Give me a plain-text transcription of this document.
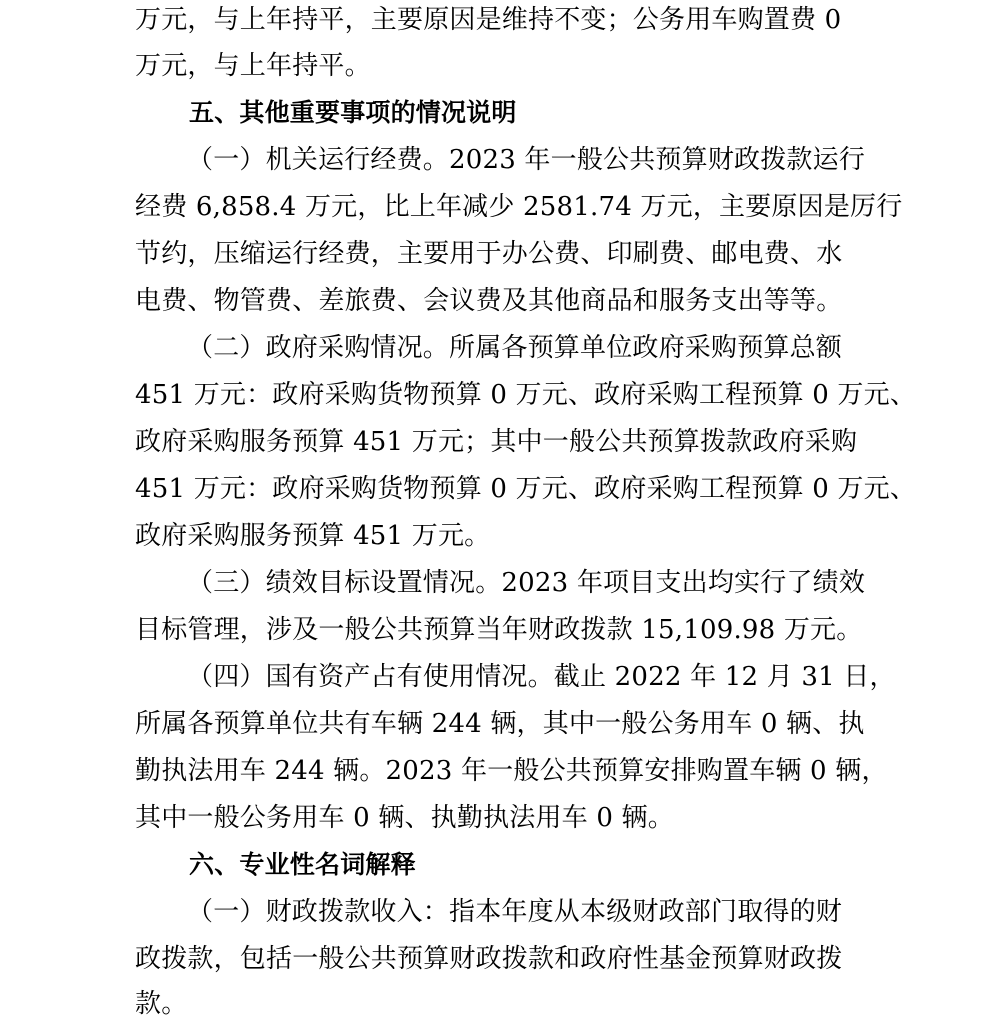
万元，与上年持平，主要原因是维持不变；公务用车购置费 0
万元，与上年持平。
五、其他重要事项的情况说明
（一）机关运行经费。2023 年一般公共预算财政拨款运行
经费 6,858.4 万元，比上年减少 2581.74 万元，主要原因是厉行
节约，压缩运行经费，主要用于办公费、印刷费、邮电费、水
电费、物管费、差旅费、会议费及其他商品和服务支出等等。
（二）政府采购情况。所属各预算单位政府采购预算总额
451 万元：政府采购货物预算 0 万元、政府采购工程预算 0 万元、
政府采购服务预算 451 万元；其中一般公共预算拨款政府采购
451 万元：政府采购货物预算 0 万元、政府采购工程预算 0 万元、
政府采购服务预算 451 万元。
（三）绩效目标设置情况。2023 年项目支出均实行了绩效
目标管理，涉及一般公共预算当年财政拨款 15,109.98 万元。
（四）国有资产占有使用情况。截止 2022 年 12 月 31 日，
所属各预算单位共有车辆 244 辆，其中一般公务用车 0 辆、执
勤执法用车 244 辆。2023 年一般公共预算安排购置车辆 0 辆，
其中一般公务用车 0 辆、执勤执法用车 0 辆。
六、专业性名词解释
（一）财政拨款收入：指本年度从本级财政部门取得的财
政拨款，包括一般公共预算财政拨款和政府性基金预算财政拨
款。
